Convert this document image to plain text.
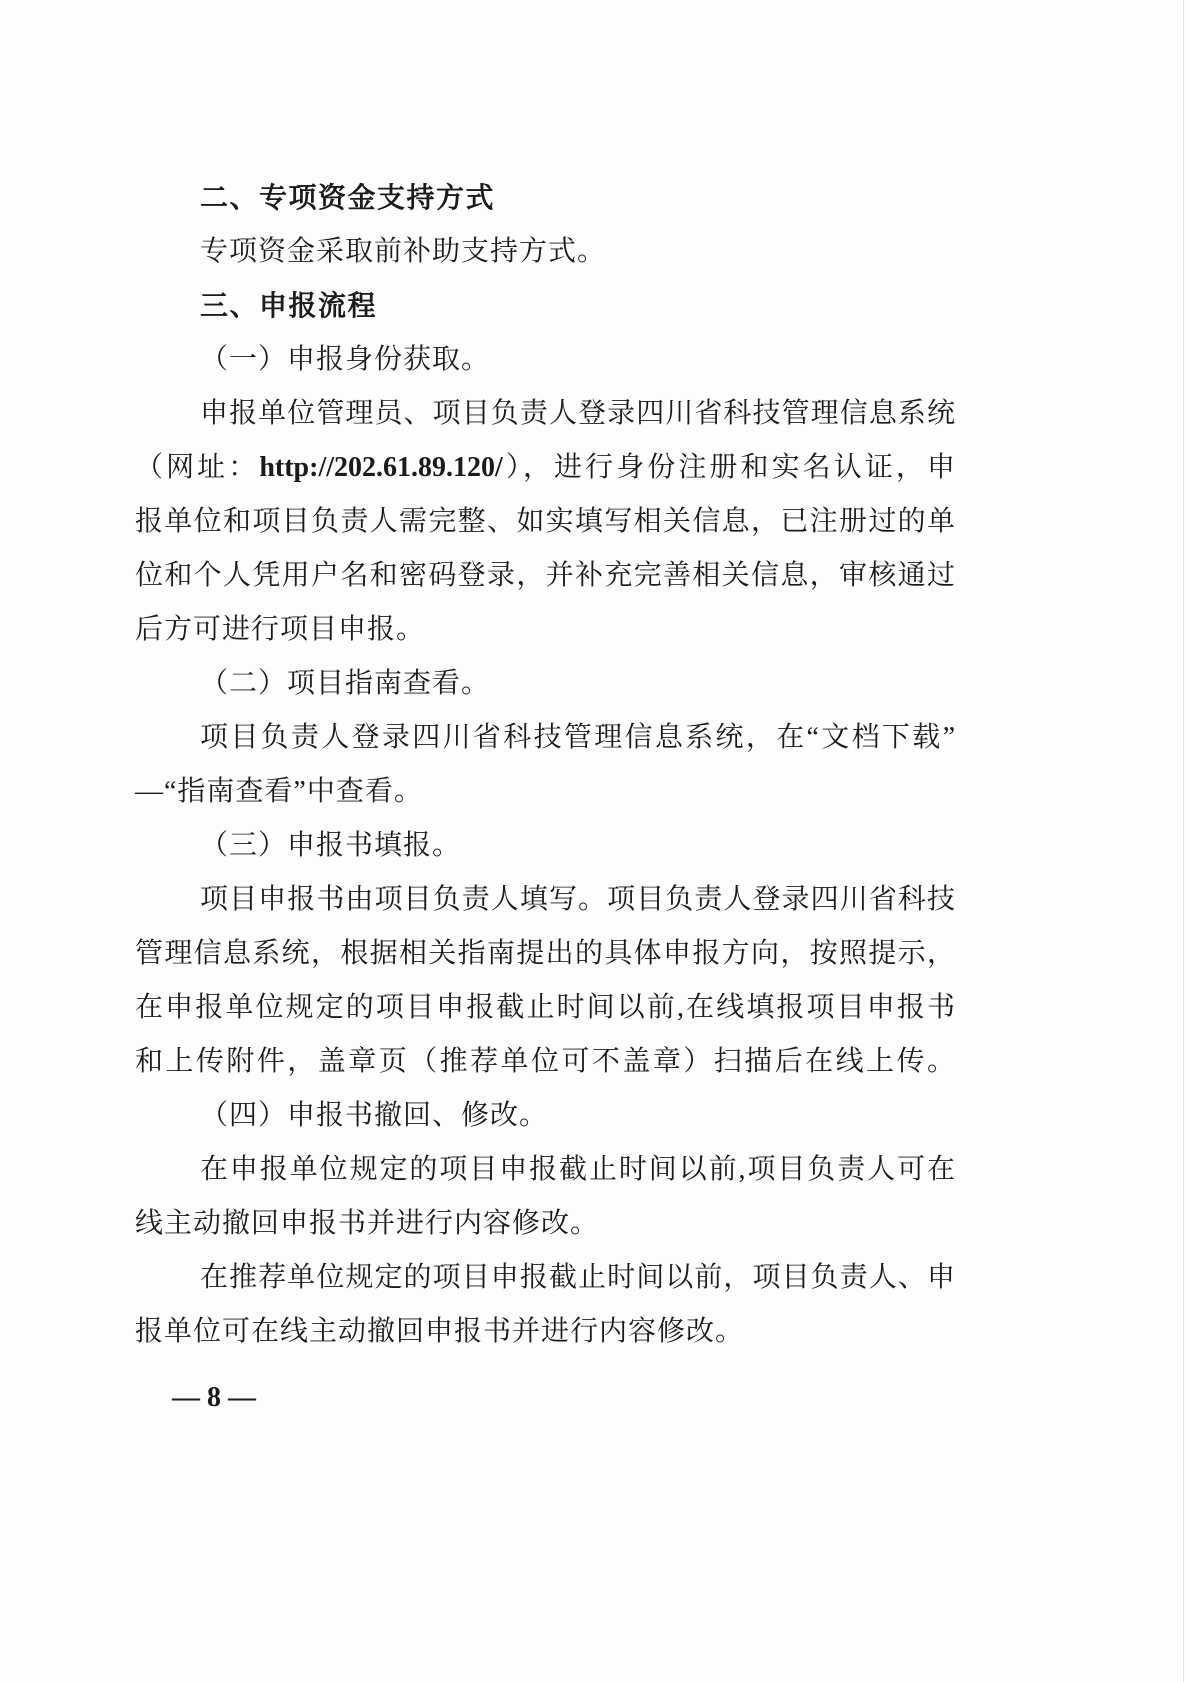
二、专项资金支持方式
专项资金采取前补助支持方式。
三、申报流程
（一）申报身份获取。
申报单位管理员、项目负责人登录四川省科技管理信息系统
（网址：http://202.61.89.120/），进行身份注册和实名认证，申
报单位和项目负责人需完整、如实填写相关信息，已注册过的单
位和个人凭用户名和密码登录，并补充完善相关信息，审核通过
后方可进行项目申报。
（二）项目指南查看。
项目负责人登录四川省科技管理信息系统，在“文档下载”
—“指南查看”中查看。
（三）申报书填报。
项目申报书由项目负责人填写。项目负责人登录四川省科技
管理信息系统，根据相关指南提出的具体申报方向，按照提示，
在申报单位规定的项目申报截止时间以前,在线填报项目申报书
和上传附件，盖章页（推荐单位可不盖章）扫描后在线上传。
（四）申报书撤回、修改。
在申报单位规定的项目申报截止时间以前,项目负责人可在
线主动撤回申报书并进行内容修改。
在推荐单位规定的项目申报截止时间以前，项目负责人、申
报单位可在线主动撤回申报书并进行内容修改。
— 8 —
